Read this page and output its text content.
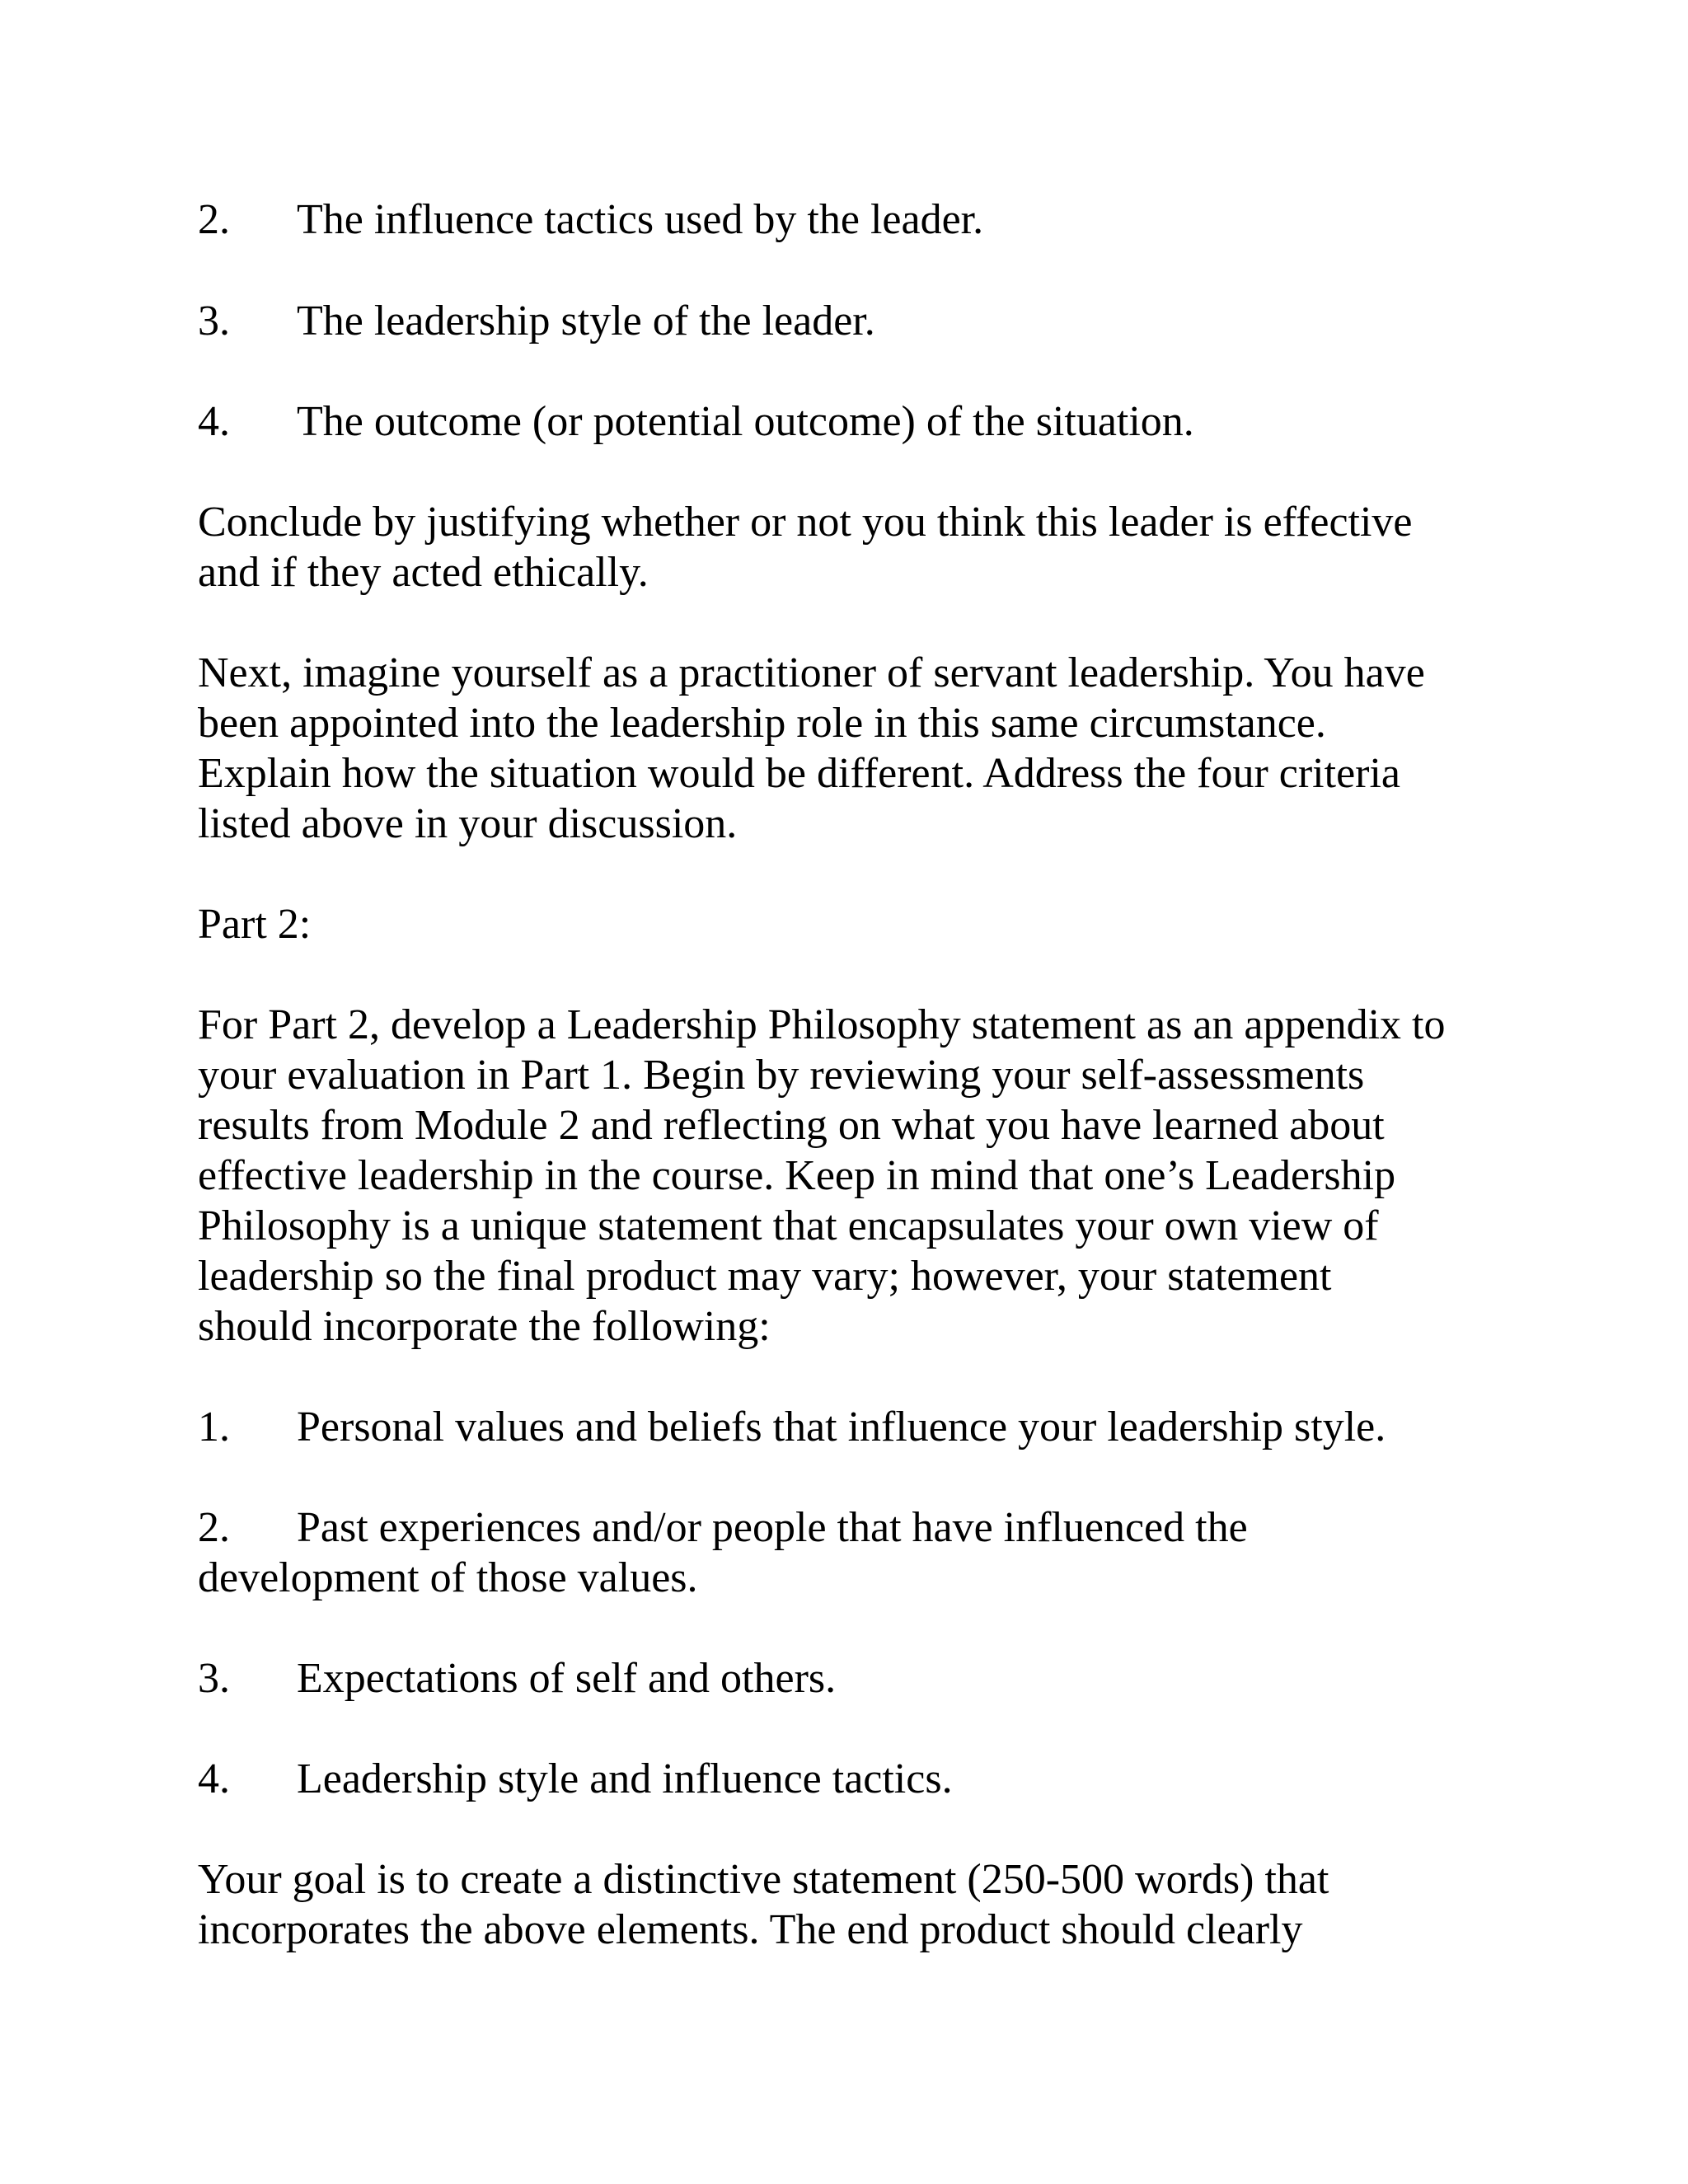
2. The influence tactics used by the leader.
3. The leadership style of the leader.
4. The outcome (or potential outcome) of the situation.
Conclude by justifying whether or not you think this leader is effective
and if they acted ethically.
Next, imagine yourself as a practitioner of servant leadership. You have
been appointed into the leadership role in this same circumstance.
Explain how the situation would be different. Address the four criteria
listed above in your discussion.
Part 2:
For Part 2, develop a Leadership Philosophy statement as an appendix to
your evaluation in Part 1. Begin by reviewing your self-assessments
results from Module 2 and reflecting on what you have learned about
effective leadership in the course. Keep in mind that one’s Leadership
Philosophy is a unique statement that encapsulates your own view of
leadership so the final product may vary; however, your statement
should incorporate the following:
1. Personal values and beliefs that influence your leadership style.
2. Past experiences and/or people that have influenced the
development of those values.
3. Expectations of self and others.
4. Leadership style and influence tactics.
Your goal is to create a distinctive statement (250-500 words) that
incorporates the above elements. The end product should clearly
